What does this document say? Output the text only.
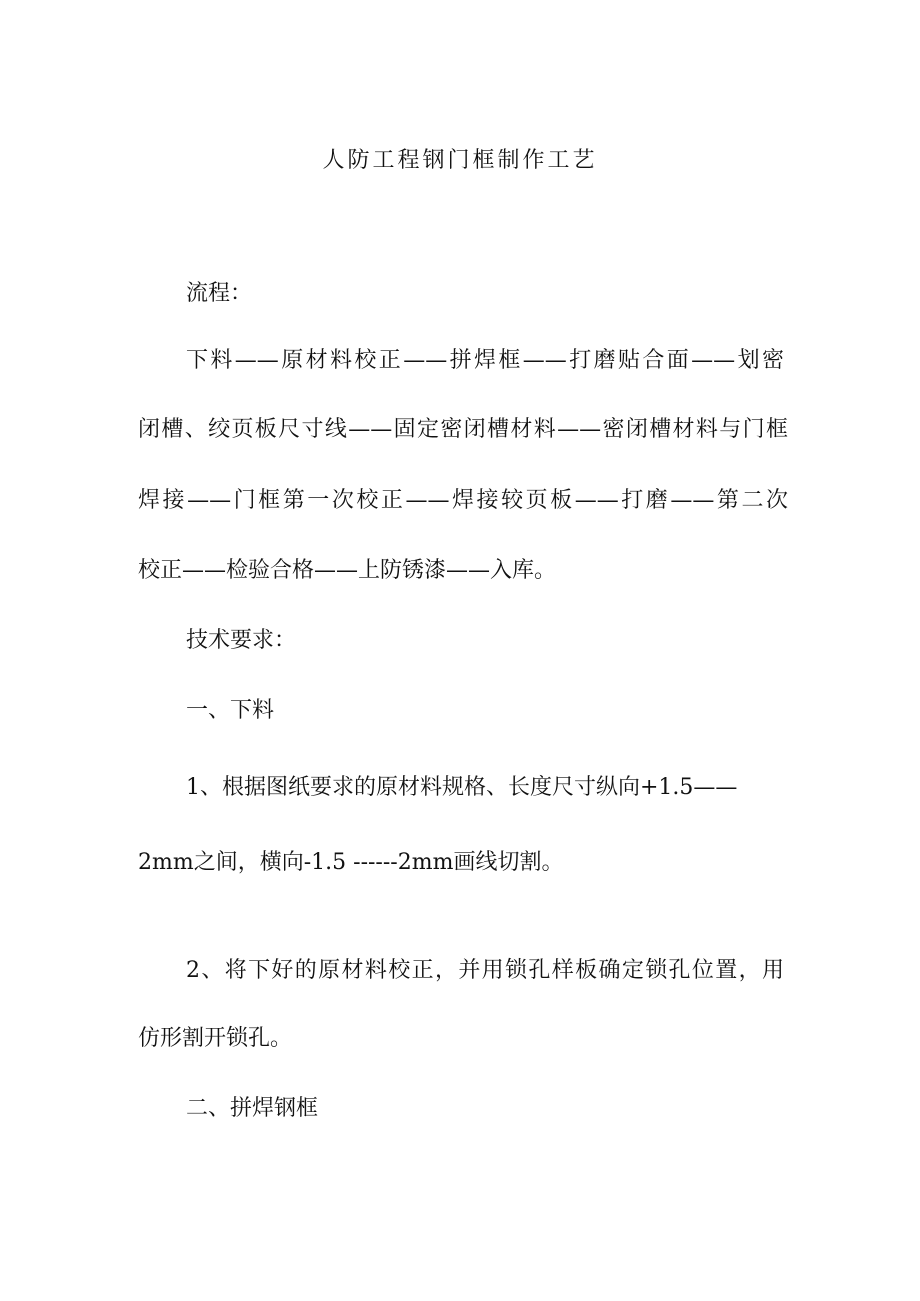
人防工程钢门框制作工艺
流程：
下料——原材料校正——拼焊框——打磨贴合面——划密
闭槽、绞页板尺寸线——固定密闭槽材料——密闭槽材料与门框
焊接——门框第一次校正——焊接较页板——打磨——第二次
校正——检验合格——上防锈漆——入库。
技术要求：
一、下料
1、根据图纸要求的原材料规格、长度尺寸纵向+1.5——
2mm之间，横向-1.5 ------2mm画线切割。
2、将下好的原材料校正，并用锁孔样板确定锁孔位置，用
仿形割开锁孔。
二、拼焊钢框
